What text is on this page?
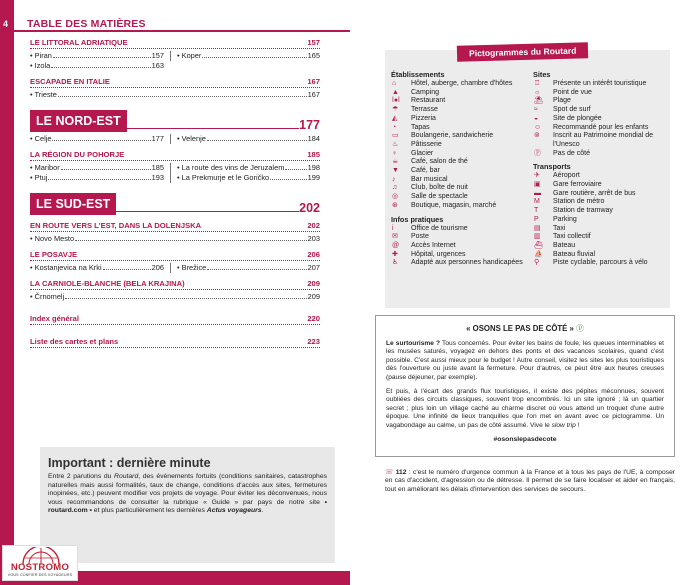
4 TABLE DES MATIÈRES
LE LITTORAL ADRIATIQUE	157
• Piran	157
• Izola	163
• Koper	165
ESCAPADE EN ITALIE	167
• Trieste	167
LE NORD-EST	177
• Celje	177 • Velenje	184
LA RÉGION DU POHORJE	185
• Maribor	185
• Ptuj	193
• La route des vins de Jeruzalem	198
• La Prekmurje et le Goričko	199
LE SUD-EST	202
EN ROUTE VERS L'EST, DANS LA DOLENJSKA	202
• Novo Mesto	203
LE POSAVJE	206
• Kostanjevica na Krki	206 • Brežice	207
LA CARNIOLE-BLANCHE (BELA KRAJINA)	209
• Črnomelj	209
Index général	220
Liste des cartes et plans	223
Important : dernière minute
Entre 2 parutions du Routard, des événements fortuits (conditions sanitaires, catastrophes naturelles mais aussi formalités, taux de change, conditions d'accès aux sites, fermetures inopinées, etc.) peuvent modifier vos projets de voyage. Pour éviter les déconvenues, nous vous recommandons de consulter la rubrique « Guide » par pays de notre site • routard.com • et plus particulièrement les dernières Actus voyageurs.
NOSTROMO
VOUS CONFIER DES VOYAGEURS
Pictogrammes du Routard
Établissements
⌂	Hôtel, auberge, chambre d'hôtes
▲	Camping
ǀ●ǀ	Restaurant
☂	Terrasse
◭	Pizzeria
◔	Tapas
▭	Boulangerie, sandwicherie
♨	Pâtisserie
♀	Glacier
☕	Café, salon de thé
▼	Café, bar
♪	Bar musical
♫	Club, boîte de nuit
◎	Salle de spectacle
⊛	Boutique, magasin, marché
Infos pratiques
i	Office de tourisme
✉	Poste
@	Accès Internet
✚	Hôpital, urgences
♿	Adapté aux personnes handicapées
Sites
♖	Présente un intérêt touristique
☼	Point de vue
⛱	Plage
≈	Spot de surf
◒	Site de plongée
☺	Recommandé pour les enfants
⊚	Inscrit au Patrimoine mondial de l'Unesco
Ⓟ	Pas de côté
Transports
✈	Aéroport
▣	Gare ferroviaire
▬	Gare routière, arrêt de bus
M	Station de métro
T	Station de tramway
P	Parking
▤	Taxi
▥	Taxi collectif
⛴	Bateau
⛵	Bateau fluvial
⚲	Piste cyclable, parcours à vélo
« OSONS LE PAS DE CÔTÉ » Ⓟ

Le surtourisme ? Tous concernés. Pour éviter les bains de foule, les queues interminables et les musées saturés, voyagez en dehors des ponts et des vacances scolaires, quand c'est possible. C'est aussi mieux pour le budget ! Autre conseil, visitez les sites les plus touristiques dès l'ouverture ou juste avant la fermeture. Pour d'autres, ce peut être aux heures creuses (pause déjeuner, par exemple).

Et puis, à l'écart des grands flux touristiques, il existe des pépites méconnues, souvent oubliées des circuits classiques, souvent trop encombrés. Ici un site ignoré ; là un quartier secret ; plus loin un village caché au charme discret où vous attend un troquet d'une autre époque. Une infinité de lieux tranquilles que l'on met en avant avec ce pictogramme. Un vagabondage au calme, un pas de côté assumé. Vive le slow trip !

#osonslepasdecote
☏ 112 : c'est le numéro d'urgence commun à la France et à tous les pays de l'UE, à composer en cas d'accident, d'agression ou de détresse. Il permet de se faire localiser et aider en français, tout en améliorant les délais d'intervention des services de secours.
